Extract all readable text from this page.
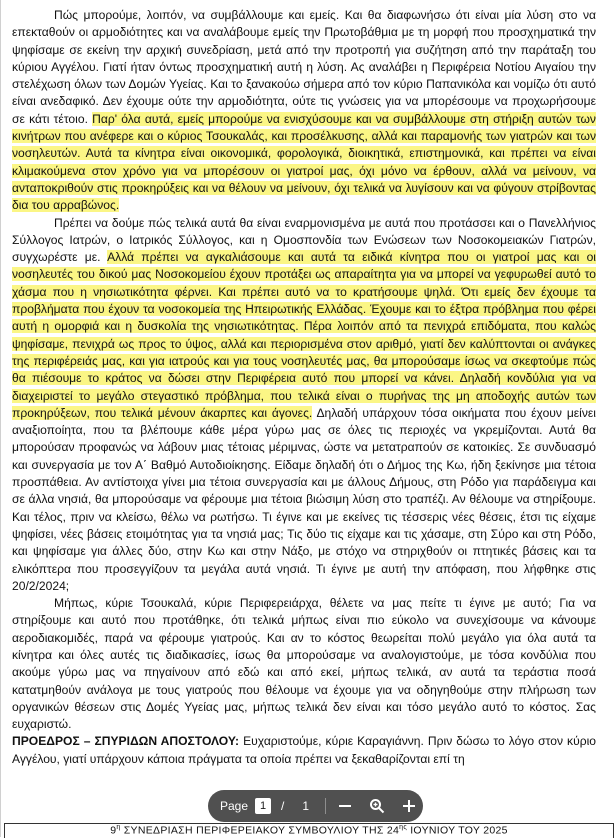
Πώς μπορούμε, λοιπόν, να συμβάλλουμε και εμείς. Και θα διαφωνήσω ότι είναι μία λύση στο να επεκταθούν οι αρμοδιότητες και να αναλάβουμε εμείς την Πρωτοβάθμια με τη μορφή που προσχηματικά την ψηφίσαμε σε εκείνη την αρχική συνεδρίαση, μετά από την προτροπή για συζήτηση από την παράταξη του κύριου Αγγέλου. Γιατί ήταν όντως προσχηματική αυτή η λύση. Ας αναλάβει η Περιφέρεια Νοτίου Αιγαίου την στελέχωση όλων των Δομών Υγείας. Και το ξανακούω σήμερα από τον κύριο Παπανικόλα και νομίζω ότι αυτό είναι ανεδαφικό. Δεν έχουμε ούτε την αρμοδιότητα, ούτε τις γνώσεις για να μπορέσουμε να προχωρήσουμε σε κάτι τέτοιο. Παρ' όλα αυτά, εμείς μπορούμε να ενισχύσουμε και να συμβάλλουμε στη στήριξη αυτών των κινήτρων που ανέφερε και ο κύριος Τσουκαλάς, και προσέλκυσης, αλλά και παραμονής των γιατρών και των νοσηλευτών. Αυτά τα κίνητρα είναι οικονομικά, φορολογικά, διοικητικά, επιστημονικά, και πρέπει να είναι κλιμακούμενα στον χρόνο για να μπορέσουν οι γιατροί μας, όχι μόνο να έρθουν, αλλά να μείνουν, να ανταποκριθούν στις προκηρύξεις και να θέλουν να μείνουν, όχι τελικά να λυγίσουν και να φύγουν στρίβοντας δια του αρραβώνος.

Πρέπει να δούμε πώς τελικά αυτά θα είναι εναρμονισμένα με αυτά που προτάσσει και ο Πανελλήνιος Σύλλογος Ιατρών, ο Ιατρικός Σύλλογος, και η Ομοσπονδία των Ενώσεων των Νοσοκομειακών Γιατρών, συγχωρέστε με. Αλλά πρέπει να αγκαλιάσουμε και αυτά τα ειδικά κίνητρα που οι γιατροί μας και οι νοσηλευτές του δικού μας Νοσοκομείου έχουν προτάξει ως απαραίτητα για να μπορεί να γεφυρωθεί αυτό το χάσμα που η νησιωτικότητα φέρνει. Και πρέπει αυτό να το κρατήσουμε ψηλά. Ότι εμείς δεν έχουμε τα προβλήματα που έχουν τα νοσοκομεία της Ηπειρωτικής Ελλάδας. Έχουμε και το έξτρα πρόβλημα που φέρει αυτή η ομορφιά και η δυσκολία της νησιωτικότητας. Πέρα λοιπόν από τα πενιχρά επιδόματα, που καλώς ψηφίσαμε, πενιχρά ως προς το ύψος, αλλά και περιορισμένα στον αριθμό, γιατί δεν καλύπτονται οι ανάγκες της περιφέρειάς μας, και για ιατρούς και για τους νοσηλευτές μας, θα μπορούσαμε ίσως να σκεφτούμε πώς θα πιέσουμε το κράτος να δώσει στην Περιφέρεια αυτό που μπορεί να κάνει. Δηλαδή κονδύλια για να διαχειριστεί το μεγάλο στεγαστικό πρόβλημα, που τελικά είναι ο πυρήνας της μη αποδοχής αυτών των προκηρύξεων, που τελικά μένουν άκαρπες και άγονες. Δηλαδή υπάρχουν τόσα οικήματα που έχουν μείνει αναξιοποίητα, που τα βλέπουμε κάθε μέρα γύρω μας σε όλες τις περιοχές να γκρεμίζονται. Αυτά θα μπορούσαν προφανώς να λάβουν μιας τέτοιας μέριμνας, ώστε να μετατραπούν σε κατοικίες. Σε συνδυασμό και συνεργασία με τον Α΄ Βαθμό Αυτοδιοίκησης. Είδαμε δηλαδή ότι ο Δήμος της Κω, ήδη ξεκίνησε μια τέτοια προσπάθεια. Αν αντίστοιχα γίνει μια τέτοια συνεργασία και με άλλους Δήμους, στη Ρόδο για παράδειγμα και σε άλλα νησιά, θα μπορούσαμε να φέρουμε μια τέτοια βιώσιμη λύση στο τραπέζι. Αν θέλουμε να στηρίξουμε. Και τέλος, πριν να κλείσω, θέλω να ρωτήσω. Τι έγινε και με εκείνες τις τέσσερις νέες θέσεις, έτσι τις είχαμε ψηφίσει, νέες βάσεις ετοιμότητας για τα νησιά μας; Τις δύο τις είχαμε και τις χάσαμε, στη Σύρο και στη Ρόδο, και ψηφίσαμε για άλλες δύο, στην Κω και στην Νάξο, με στόχο να στηριχθούν οι πτητικές βάσεις και τα ελικόπτερα που προσεγγίζουν τα μεγάλα αυτά νησιά. Τι έγινε με αυτή την απόφαση, που λήφθηκε στις 20/2/2024;

Μήπως, κύριε Τσουκαλά, κύριε Περιφερειάρχα, θέλετε να μας πείτε τι έγινε με αυτό; Για να στηρίξουμε και αυτό που προτάθηκε, ότι τελικά μήπως είναι πιο εύκολο να συνεχίσουμε να κάνουμε αεροδιακομιδές, παρά να φέρουμε γιατρούς. Και αν το κόστος θεωρείται πολύ μεγάλο για όλα αυτά τα κίνητρα και όλες αυτές τις διαδικασίες, ίσως θα μπορούσαμε να αναλογιστούμε, με τόσα κονδύλια που ακούμε γύρω μας να πηγαίνουν από εδώ και από εκεί, μήπως τελικά, αν αυτά τα τεράστια ποσά κατατμηθούν ανάλογα με τους γιατρούς που θέλουμε να έχουμε για να οδηγηθούμε στην πλήρωση των οργανικών θέσεων στις Δομές Υγείας μας, μήπως τελικά δεν είναι και τόσο μεγάλο αυτό το κόστος. Σας ευχαριστώ.

ΠΡΟΕΔΡΟΣ – ΣΠΥΡΙΔΩΝ ΑΠΟΣΤΟΛΟΥ: Ευχαριστούμε, κύριε Καραγιάννη. Πριν δώσω το λόγο στον κύριο Αγγέλου, γιατί υπάρχουν κάποια πράγματα τα οποία πρέπει να ξεκαθαρίζονται επί τη

$9^\eta$ ΣΥΝΕΔΡΙΑΣΗ ΠΕΡΙΦΕΡΕΙΑΚΟΥ ΣΥΜΒΟΥΛΙΟΥ ΤΗΣ $24^{\eta\varsigma}$ ΙΟΥΝΙΟΥ ΤΟΥ 2025
Page	1	/ 1
